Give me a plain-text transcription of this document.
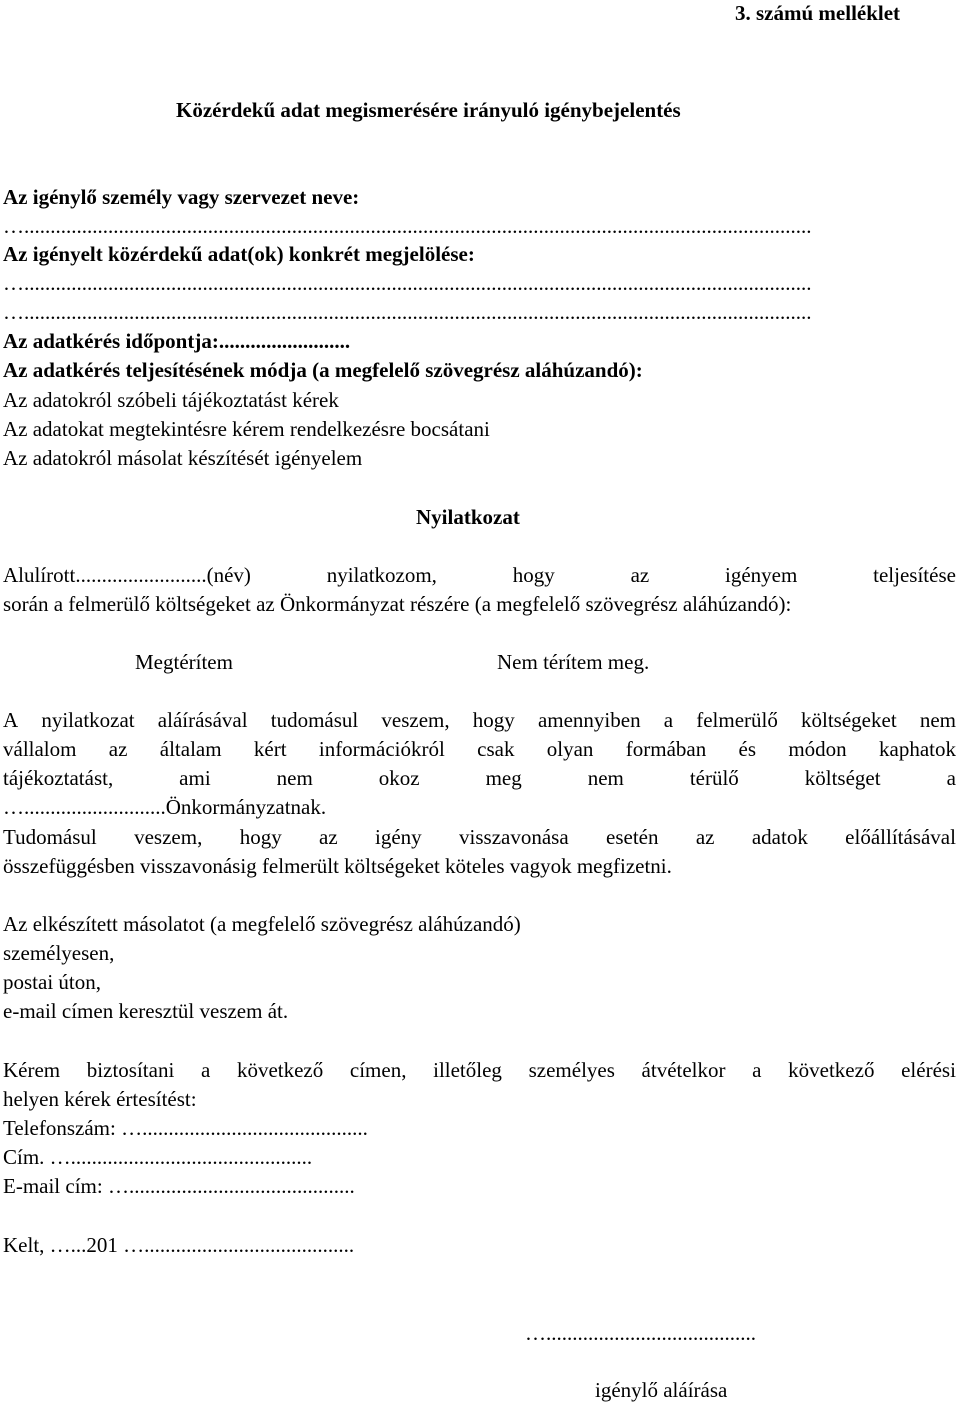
3. számú melléklet
Közérdekű adat megismerésére irányuló igénybejelentés
Az igénylő személy vagy szervezet neve:
…......................................................................................................................................................
Az igényelt közérdekű adat(ok) konkrét megjelölése:
…......................................................................................................................................................
…......................................................................................................................................................
Az adatkérés időpontja:.........................
Az adatkérés teljesítésének módja (a megfelelő szövegrész aláhúzandó):
Az adatokról szóbeli tájékoztatást kérek
Az adatokat megtekintésre kérem rendelkezésre bocsátani
Az adatokról másolat készítését igényelem
Nyilatkozat
Alulírott.........................(név)	nyilatkozom,	hogy	az	igényem	teljesítése
során a felmerülő költségeket az Önkormányzat részére (a megfelelő szövegrész aláhúzandó):
Megtérítem	Nem térítem meg.
A nyilatkozat aláírásával tudomásul veszem, hogy amennyiben a felmerülő költségeket nem
vállalom az általam kért információkról csak olyan formában és módon kaphatok
tájékoztatást,	ami	nem	okoz	meg	nem	térülő	költséget	a
…...........................Önkormányzatnak.
Tudomásul veszem, hogy az igény visszavonása esetén az adatok előállításával
összefüggésben visszavonásig felmerült költségeket köteles vagyok megfizetni.
Az elkészített másolatot (a megfelelő szövegrész aláhúzandó)
személyesen,
postai úton,
e-mail címen keresztül veszem át.
Kérem biztosítani a következő címen, illetőleg személyes átvételkor a következő elérési
helyen kérek értesítést:
Telefonszám: …...........................................
Cím. …..............................................
E-mail cím: …...........................................
Kelt, …...201 …........................................
…........................................
igénylő aláírása
